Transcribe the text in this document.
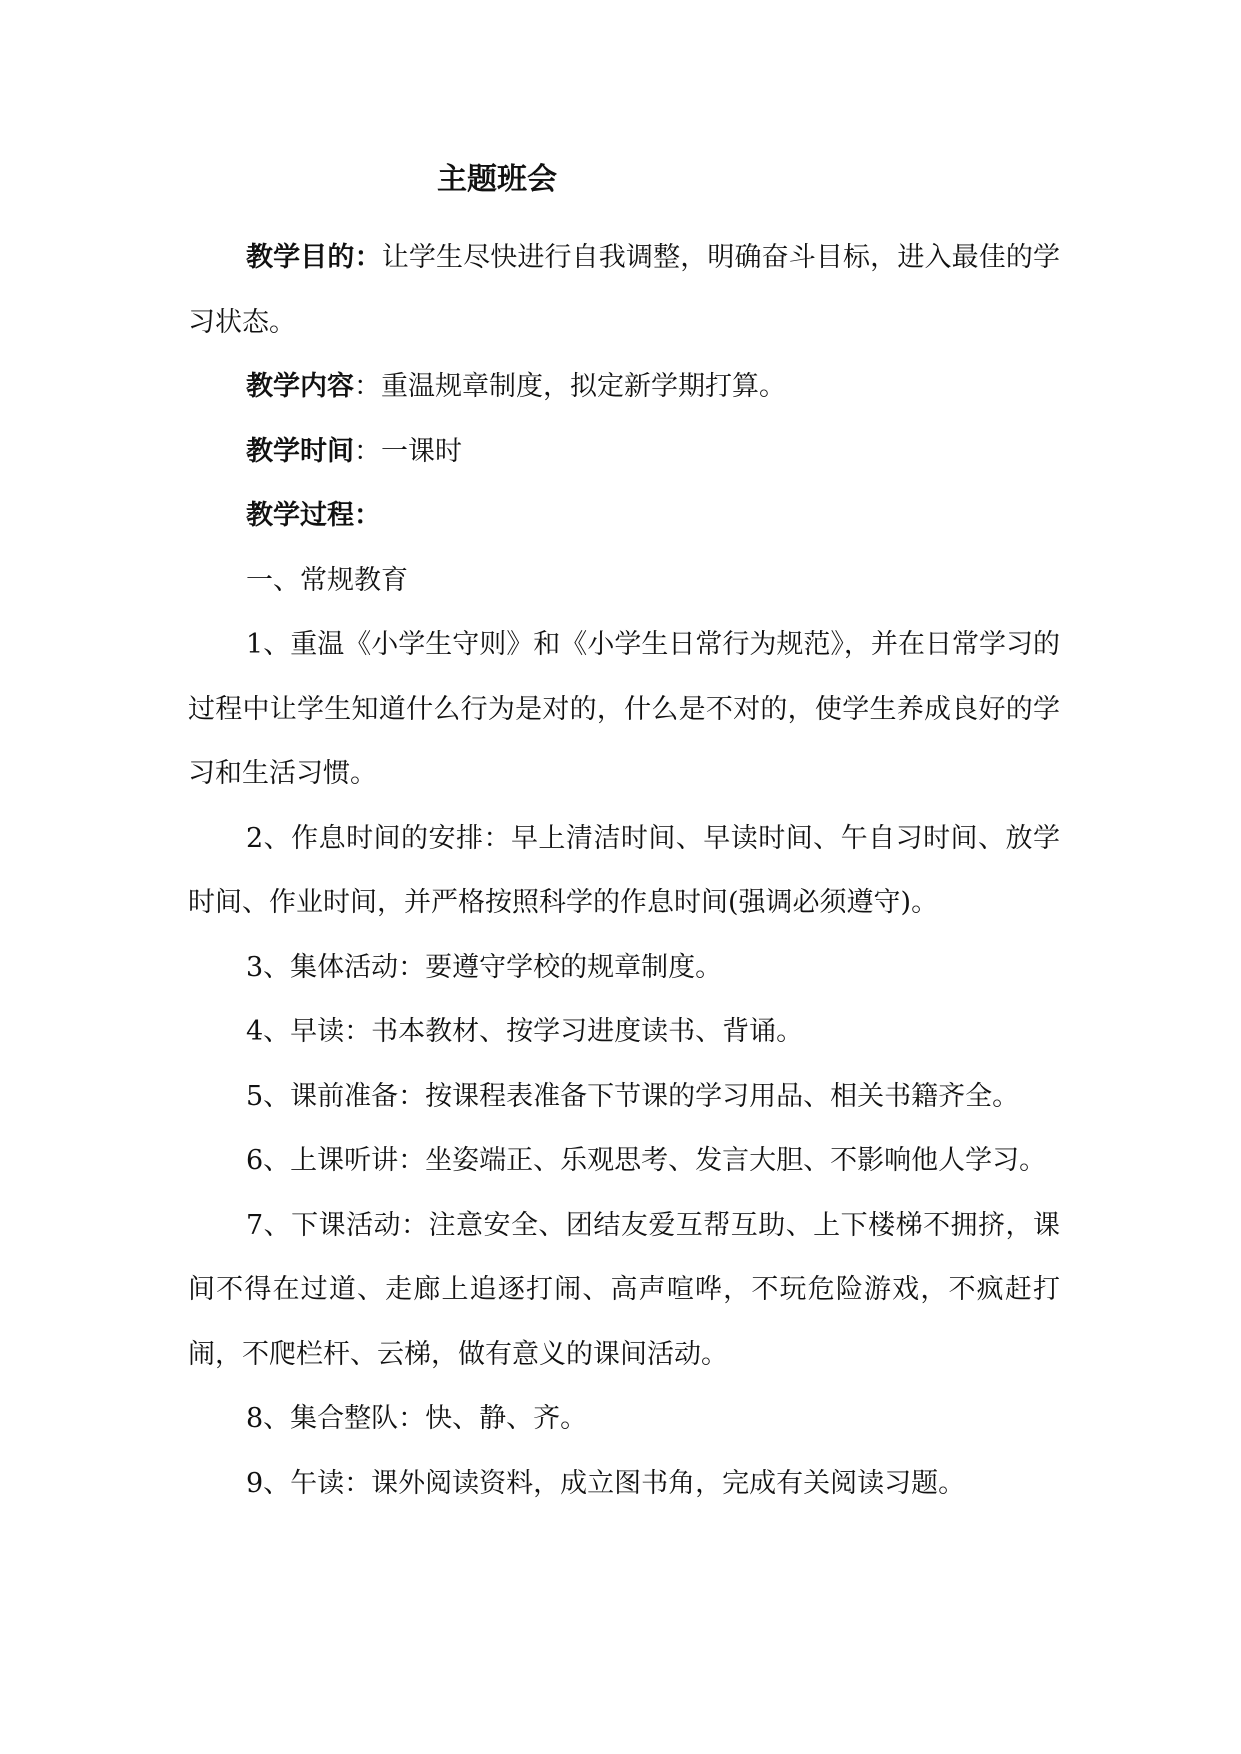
主题班会

教学目的：让学生尽快进行自我调整，明确奋斗目标，进入最佳的学习状态。

教学内容：重温规章制度，拟定新学期打算。

教学时间：一课时

教学过程：

一、常规教育

1、重温《小学生守则》和《小学生日常行为规范》，并在日常学习的过程中让学生知道什么行为是对的，什么是不对的，使学生养成良好的学习和生活习惯。

2、作息时间的安排：早上清洁时间、早读时间、午自习时间、放学时间、作业时间，并严格按照科学的作息时间(强调必须遵守)。

3、集体活动：要遵守学校的规章制度。

4、早读：书本教材、按学习进度读书、背诵。

5、课前准备：按课程表准备下节课的学习用品、相关书籍齐全。

6、上课听讲：坐姿端正、乐观思考、发言大胆、不影响他人学习。

7、下课活动：注意安全、团结友爱互帮互助、上下楼梯不拥挤，课间不得在过道、走廊上追逐打闹、高声喧哗，不玩危险游戏，不疯赶打闹，不爬栏杆、云梯，做有意义的课间活动。

8、集合整队：快、静、齐。

9、午读：课外阅读资料，成立图书角，完成有关阅读习题。
